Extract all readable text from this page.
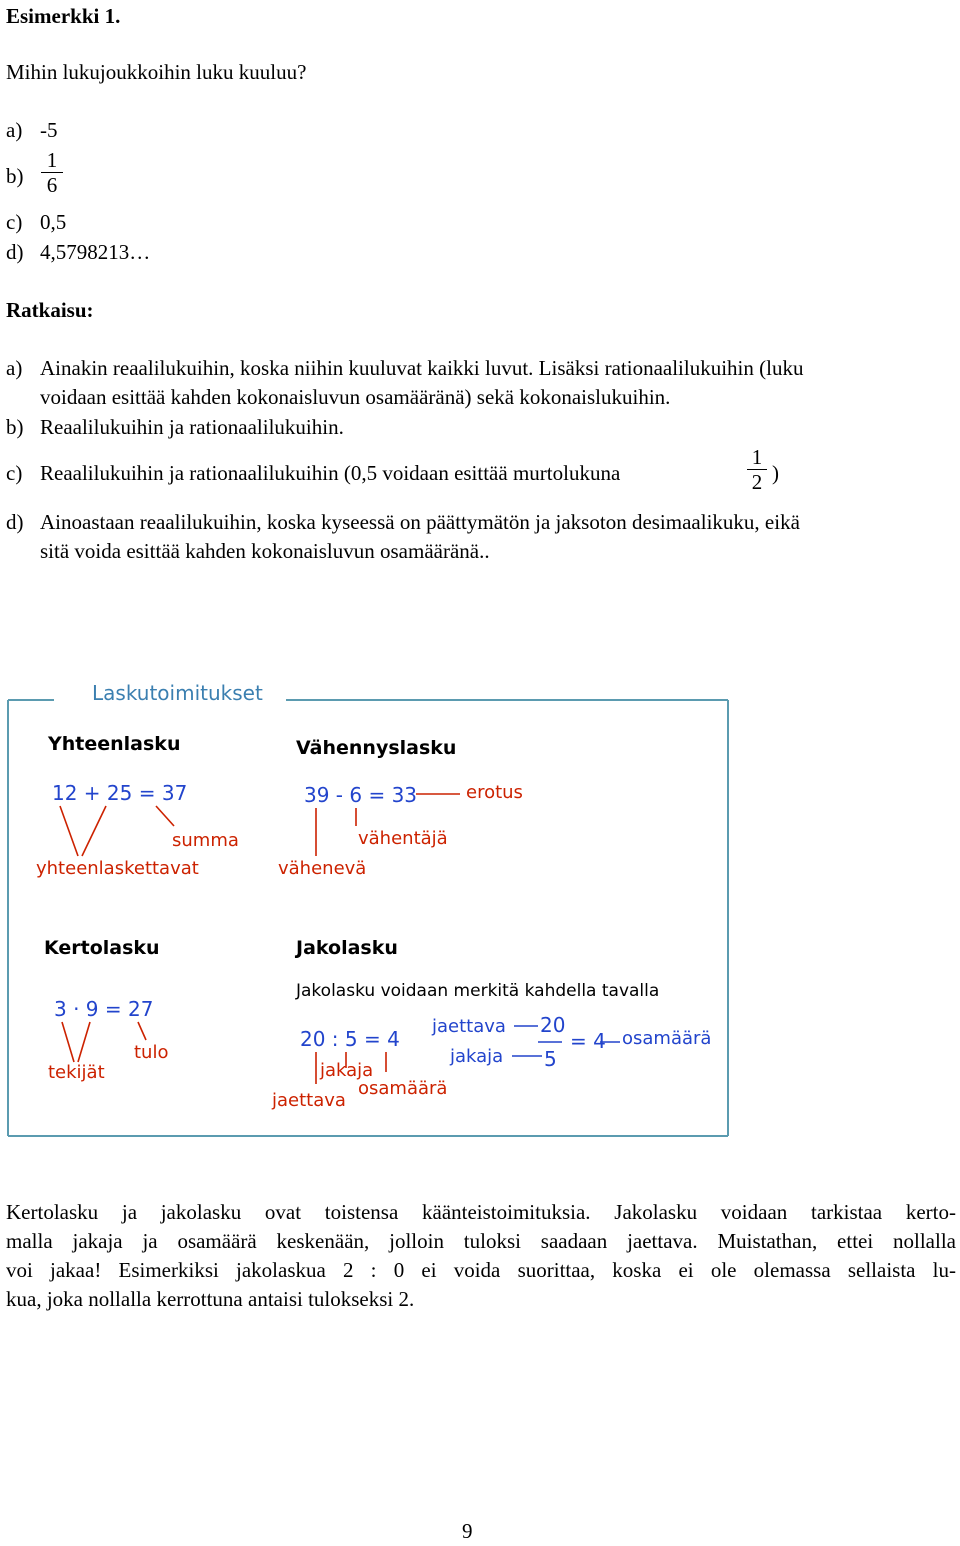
Esimerkki 1.
Mihin lukujoukkoihin luku kuuluu?
a) -5
b)
1
6
c) 0,5
d) 4,5798213…
Ratkaisu:
a) Ainakin reaalilukuihin, koska niihin kuuluvat kaikki luvut. Lisäksi rationaalilukuihin (luku
voidaan esittää kahden kokonaisluvun osamääränä) sekä kokonaislukuihin.
b) Reaalilukuihin ja rationaalilukuihin.
c) Reaalilukuihin ja rationaalilukuihin (0,5 voidaan esittää murtolukuna
1
2 )
d) Ainoastaan reaalilukuihin, koska kyseessä on päättymätön ja jaksoton desimaalikuku, eikä
sitä voida esittää kahden kokonaisluvun osamääränä..
Laskutoimitukset
Yhteenlasku
12 + 25 = 37
summa
yhteenlaskettavat
Vähennyslasku
39 - 6 = 33	erotus
vähentäjä
vähenevä
Kertolasku
3 · 9 = 27
tulo
tekijät
Jakolasku
Jakolasku voidaan merkitä kahdella tavalla
20 : 5 = 4
jakaja
osamäärä
jaettava
jaettava 20
= 4 osamäärä
jakaja 5
Kertolasku ja jakolasku ovat toistensa käänteistoimituksia. Jakolasku voidaan tarkistaa kerto-
malla jakaja ja osamäärä keskenään, jolloin tuloksi saadaan jaettava. Muistathan, ettei nollalla
voi jakaa! Esimerkiksi jakolaskua 2 : 0 ei voida suorittaa, koska ei ole olemassa sellaista lu-
kua, joka nollalla kerrottuna antaisi tulokseksi 2.
9
